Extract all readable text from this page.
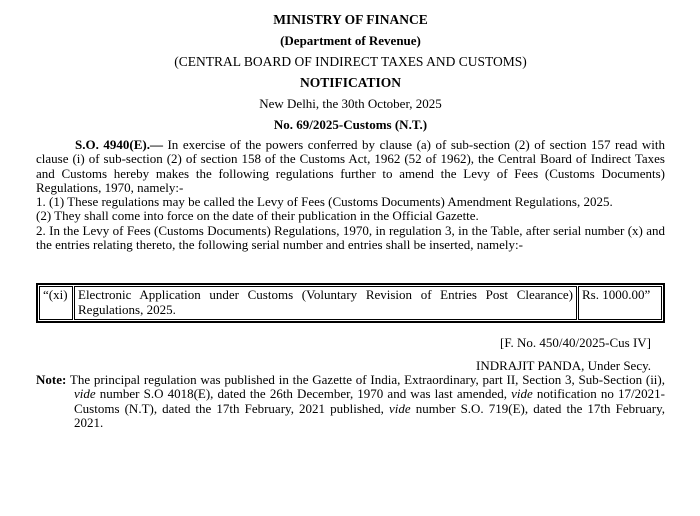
MINISTRY OF FINANCE
(Department of Revenue)
(CENTRAL BOARD OF INDIRECT TAXES AND CUSTOMS)
NOTIFICATION
New Delhi, the 30th October, 2025
No. 69/2025-Customs (N.T.)

S.O. 4940(E).— In exercise of the powers conferred by clause (a) of sub-section (2) of section 157 read with clause (i) of sub-section (2) of section 158 of the Customs Act, 1962 (52 of 1962), the Central Board of Indirect Taxes and Customs hereby makes the following regulations further to amend the Levy of Fees (Customs Documents) Regulations, 1970, namely:-

1. (1) These regulations may be called the Levy of Fees (Customs Documents) Amendment Regulations, 2025.

(2) They shall come into force on the date of their publication in the Official Gazette.

2. In the Levy of Fees (Customs Documents) Regulations, 1970, in regulation 3, in the Table, after serial number (x) and the entries relating thereto, the following serial number and entries shall be inserted, namely:-

“(xi)	Electronic Application under Customs (Voluntary Revision of Entries Post Clearance) Regulations, 2025.	Rs. 1000.00”

[F. No. 450/40/2025-Cus IV]

INDRAJIT PANDA, Under Secy.

Note: The principal regulation was published in the Gazette of India, Extraordinary, part II, Section 3, Sub-Section (ii), vide number S.O 4018(E), dated the 26th December, 1970 and was last amended, vide notification no 17/2021-Customs (N.T), dated the 17th February, 2021 published, vide number S.O. 719(E), dated the 17th February, 2021.
